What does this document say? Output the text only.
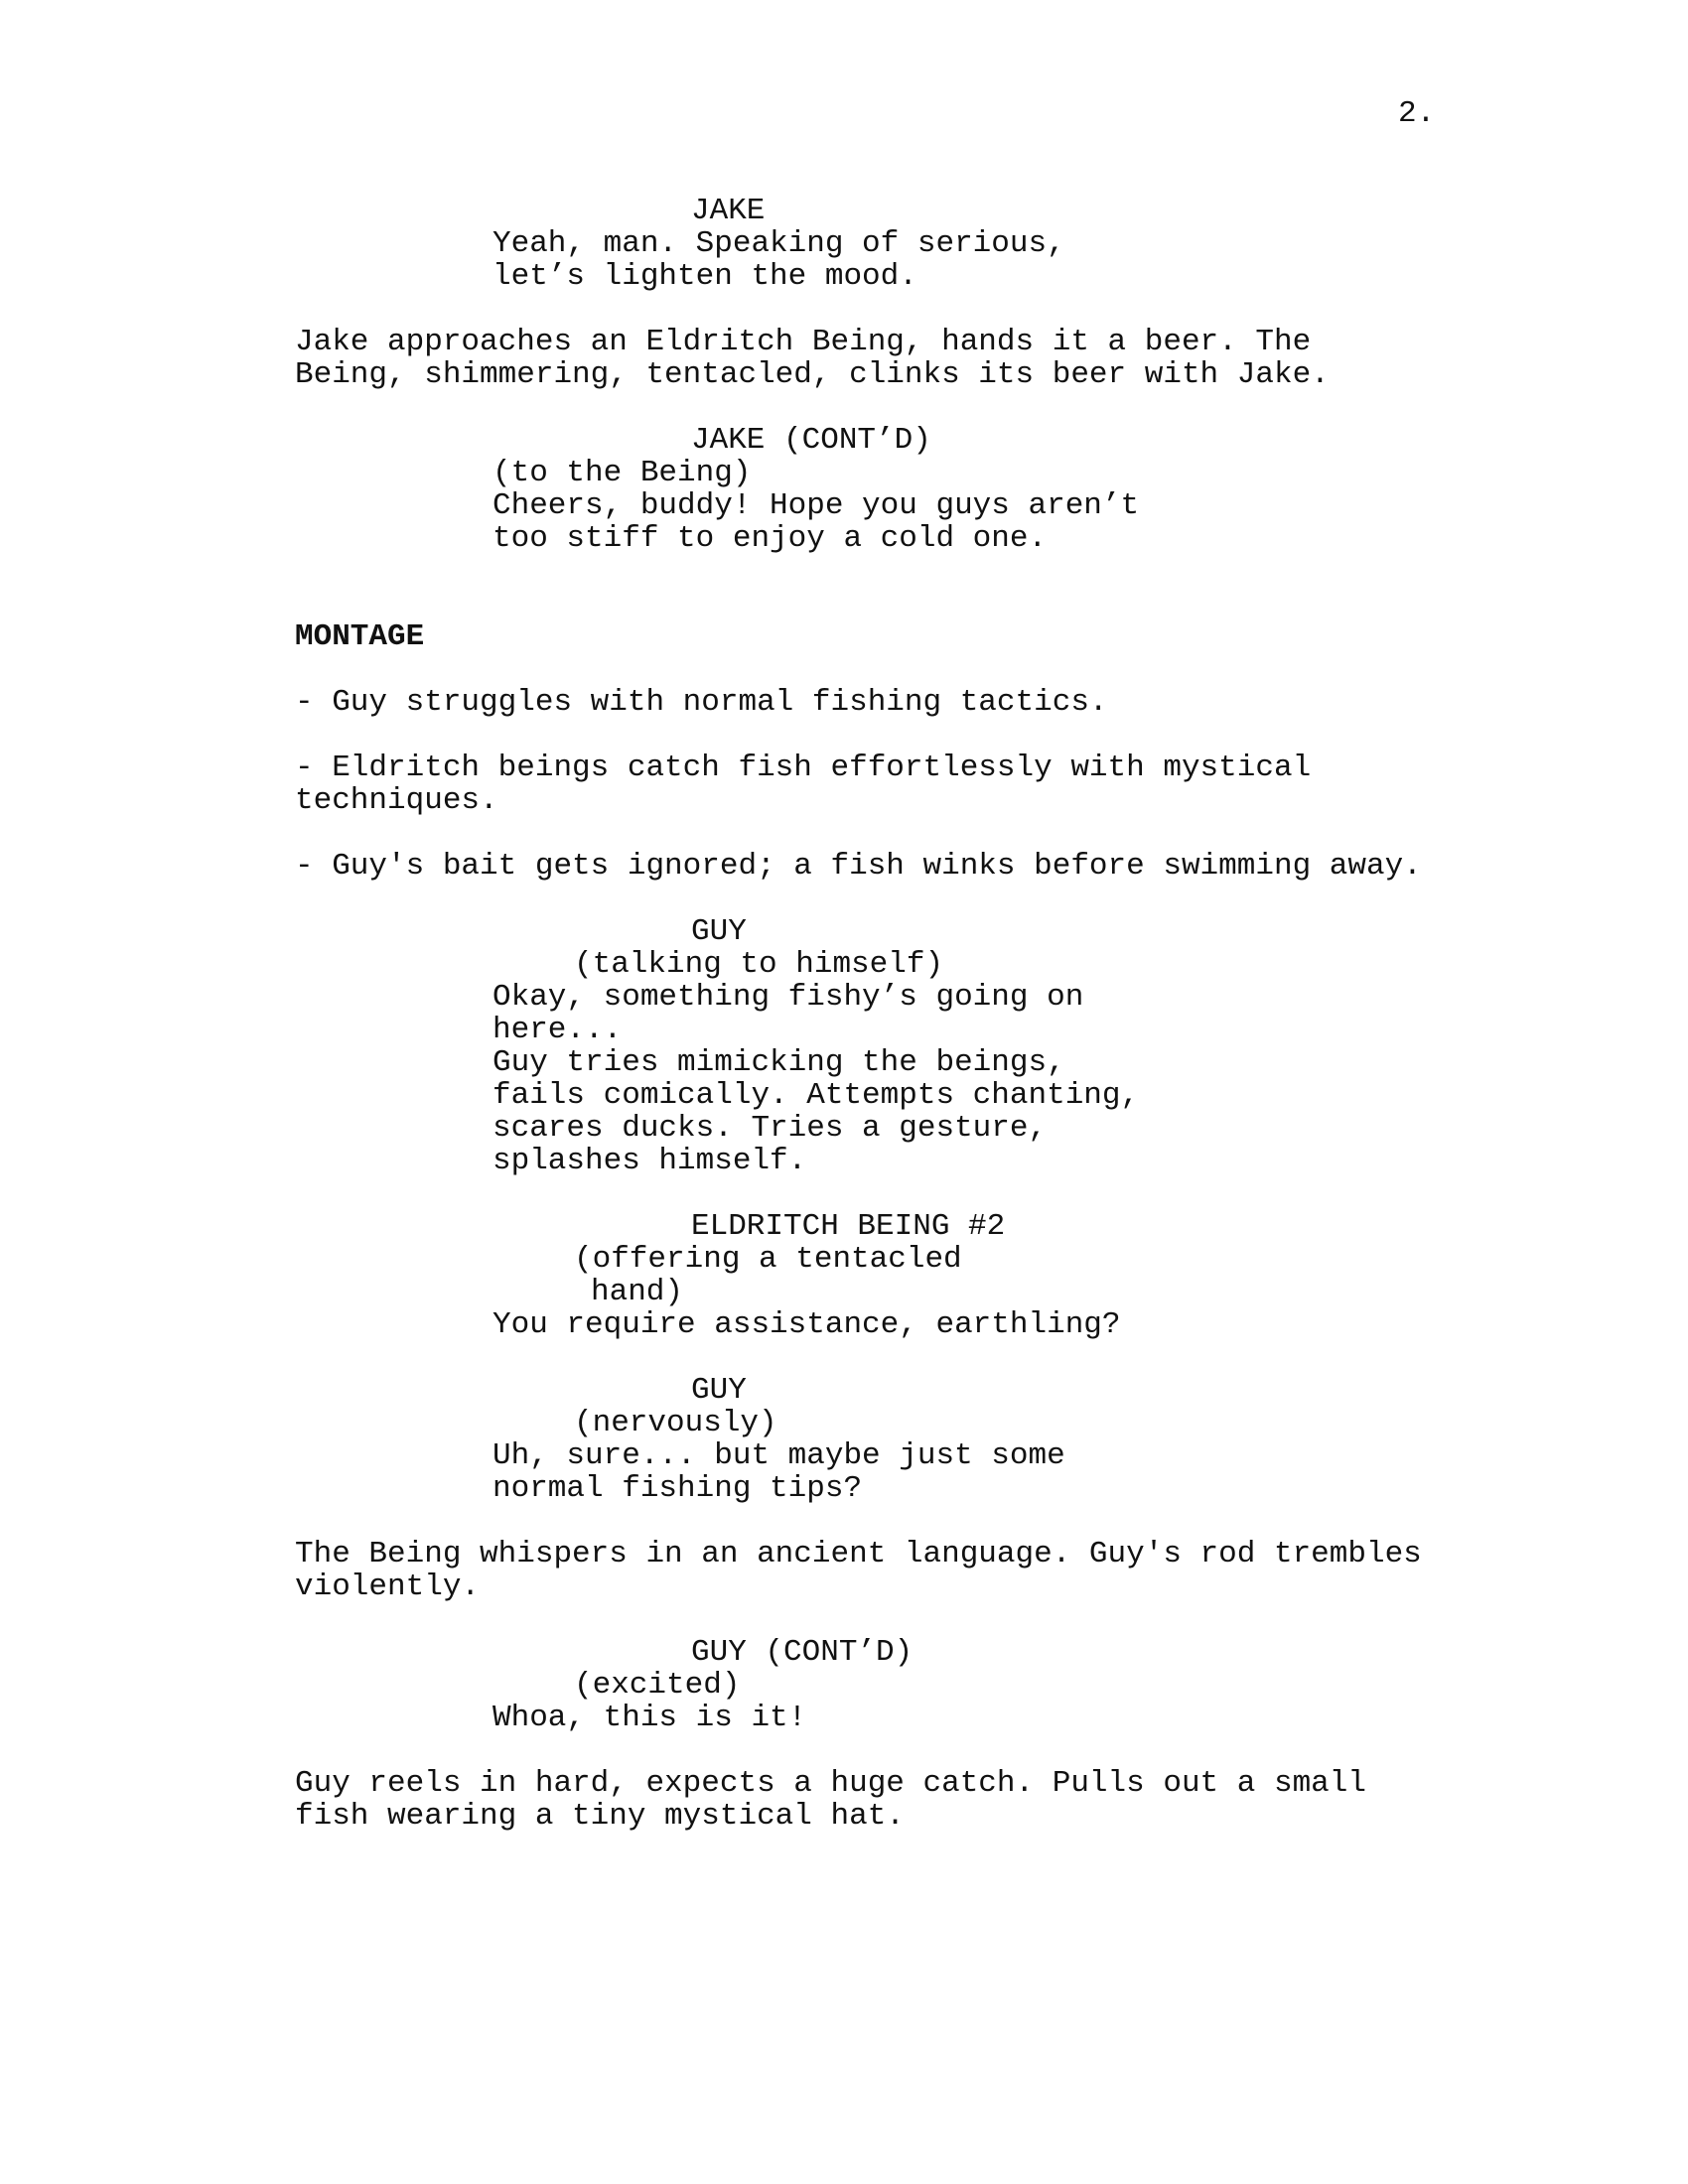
2.
JAKE
Yeah, man. Speaking of serious,
let’s lighten the mood.
Jake approaches an Eldritch Being, hands it a beer. The
Being, shimmering, tentacled, clinks its beer with Jake.
JAKE (CONT’D)
(to the Being)
Cheers, buddy! Hope you guys aren’t
too stiff to enjoy a cold one.
MONTAGE
- Guy struggles with normal fishing tactics.
- Eldritch beings catch fish effortlessly with mystical
techniques.
- Guy's bait gets ignored; a fish winks before swimming away.
GUY
(talking to himself)
Okay, something fishy’s going on
here...
Guy tries mimicking the beings,
fails comically. Attempts chanting,
scares ducks. Tries a gesture,
splashes himself.
ELDRITCH BEING #2
(offering a tentacled
hand)
You require assistance, earthling?
GUY
(nervously)
Uh, sure... but maybe just some
normal fishing tips?
The Being whispers in an ancient language. Guy's rod trembles
violently.
GUY (CONT’D)
(excited)
Whoa, this is it!
Guy reels in hard, expects a huge catch. Pulls out a small
fish wearing a tiny mystical hat.
